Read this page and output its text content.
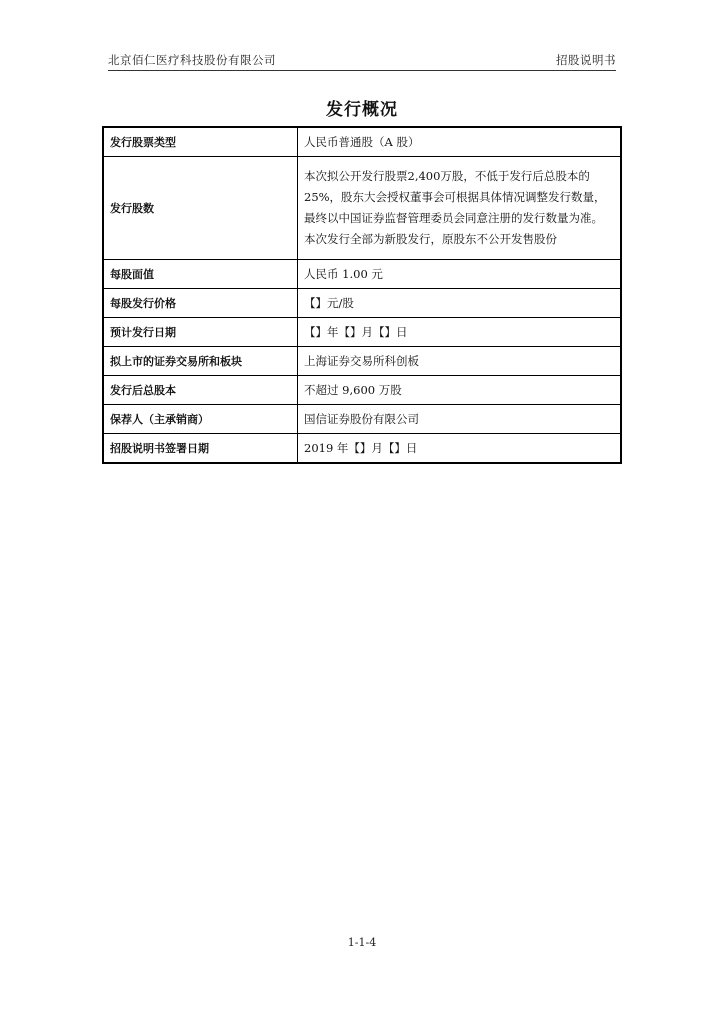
北京佰仁医疗科技股份有限公司	招股说明书
发行概况
发行股票类型	人民币普通股（A 股）
发行股数	本次拟公开发行股票2,400万股，不低于发行后总股本的25%，股东大会授权董事会可根据具体情况调整发行数量，最终以中国证券监督管理委员会同意注册的发行数量为准。本次发行全部为新股发行，原股东不公开发售股份
每股面值	人民币 1.00 元
每股发行价格	【】元/股
预计发行日期	【】年【】月【】日
拟上市的证券交易所和板块	上海证券交易所科创板
发行后总股本	不超过 9,600 万股
保荐人（主承销商）	国信证券股份有限公司
招股说明书签署日期	2019 年【】月【】日
1-1-4
